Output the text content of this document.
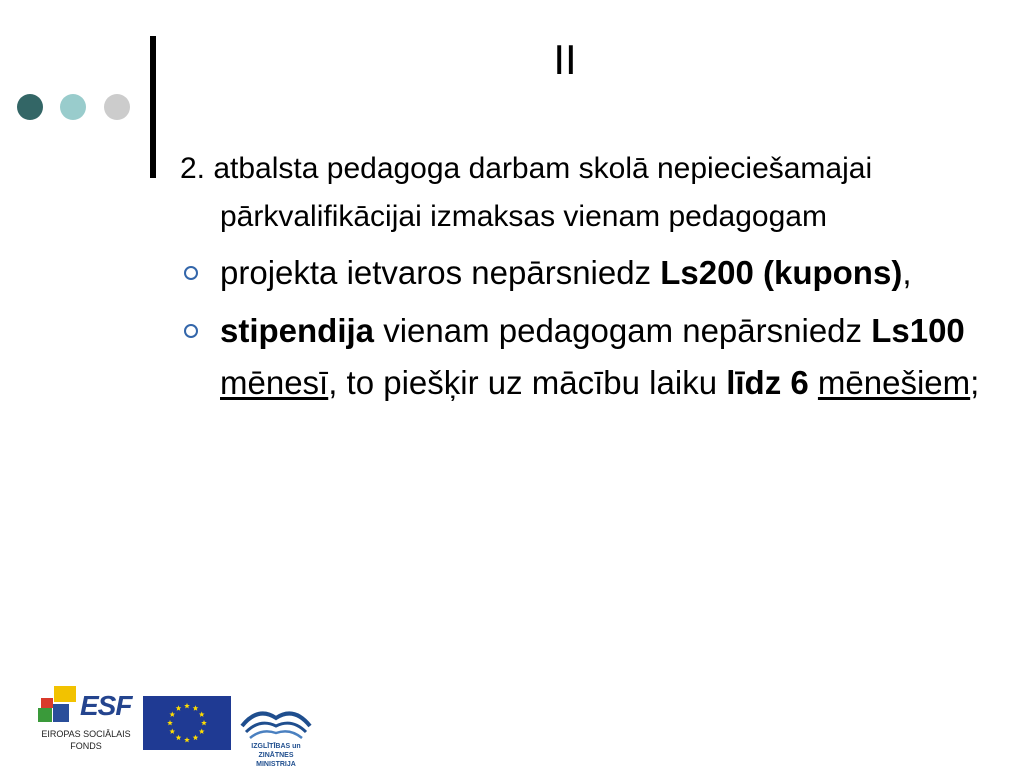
II

2. atbalsta pedagoga darbam skolā nepieciešamajai pārkvalifikācijai izmaksas vienam pedagogam

projekta ietvaros nepārsniedz Ls200 (kupons),
stipendija vienam pedagogam nepārsniedz Ls100 mēnesī, to piešķir uz mācību laiku līdz 6 mēnešiem;
ESF
EIROPAS SOCIĀLAIS
FONDS	IZGLĪTĪBAS un ZINĀTNES
MINISTRIJA
